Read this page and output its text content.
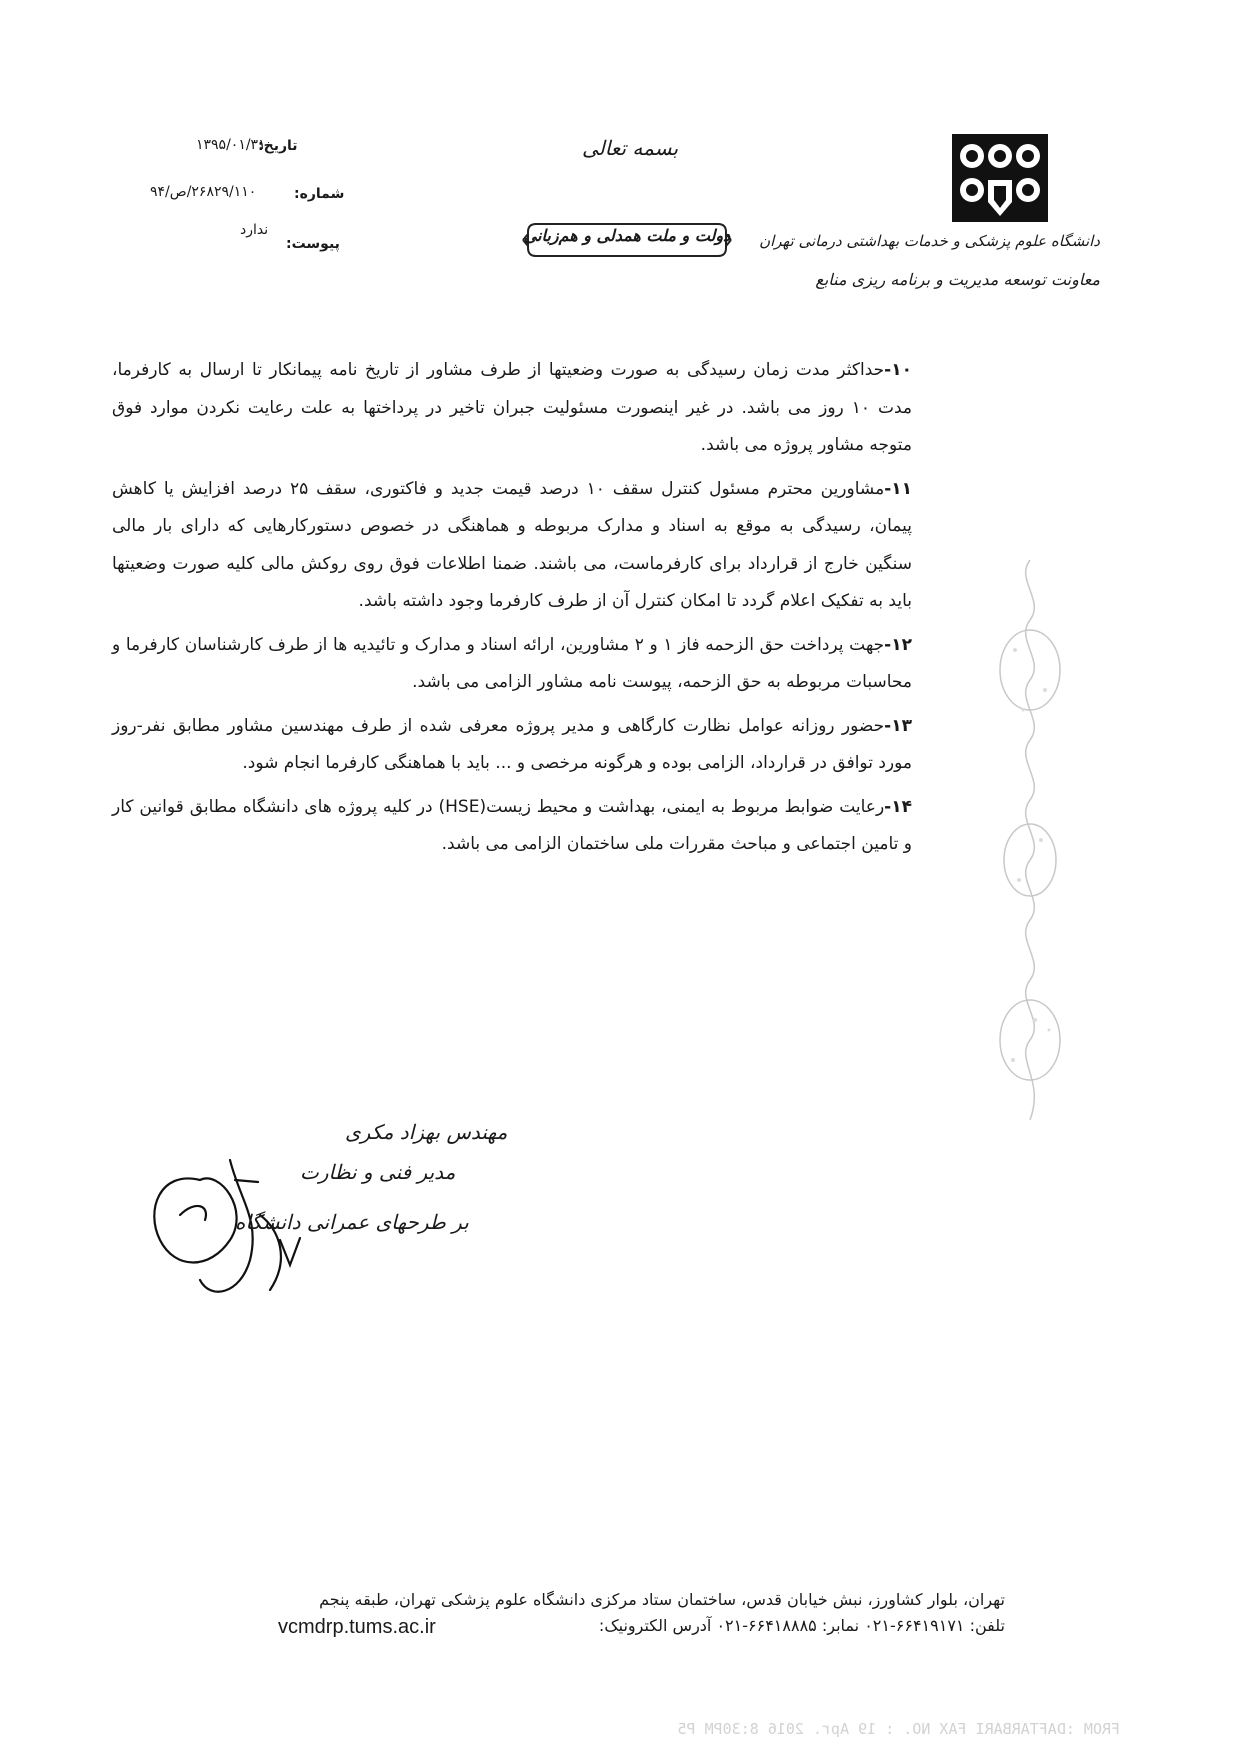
دانشگاه علوم پزشکی و خدمات بهداشتی درمانی تهران
معاونت توسعه مدیریت و برنامه ریزی منابع
بسمه تعالی
دولت و ملت همدلی و هم‌زبانی
تاریخ:
۱۳۹۵/۰۱/۳۱
شماره:
۲۶۸۲۹/۱۱۰/ص/۹۴
پیوست:
ندارد

۱۰-حداکثر مدت زمان رسیدگی به صورت وضعیتها از طرف مشاور از تاریخ نامه پیمانکار تا ارسال به کارفرما، مدت ۱۰ روز می باشد. در غیر اینصورت مسئولیت جبران تاخیر در پرداختها به علت رعایت نکردن موارد فوق متوجه مشاور پروژه می باشد.

۱۱-مشاورین محترم مسئول کنترل سقف ۱۰ درصد قیمت جدید و فاکتوری، سقف ۲۵ درصد افزایش یا کاهش پیمان، رسیدگی به موقع به اسناد و مدارک مربوطه و هماهنگی در خصوص دستورکارهایی که دارای بار مالی سنگین خارج از قرارداد برای کارفرماست، می باشند. ضمنا اطلاعات فوق روی روکش مالی کلیه صورت وضعیتها باید به تفکیک اعلام گردد تا امکان کنترل آن از طرف کارفرما وجود داشته باشد.

۱۲-جهت پرداخت حق الزحمه فاز ۱ و ۲ مشاورین، ارائه اسناد و مدارک و تائیدیه ها از طرف کارشناسان کارفرما و محاسبات مربوطه به حق الزحمه، پیوست نامه مشاور الزامی می باشد.

۱۳-حضور روزانه عوامل نظارت کارگاهی و مدیر پروژه معرفی شده از طرف مهندسین مشاور مطابق نفر-روز مورد توافق در قرارداد، الزامی بوده و هرگونه مرخصی و ... باید با هماهنگی کارفرما انجام شود.

۱۴-رعایت ضوابط مربوط به ایمنی، بهداشت و محیط زیست(HSE) در کلیه پروژه های دانشگاه مطابق قوانین کار و تامین اجتماعی و مباحث مقررات ملی ساختمان الزامی می باشد.

مهندس بهزاد مکری
مدیر فنی و نظارت
بر طرحهای عمرانی دانشگاه
تهران، بلوار کشاورز، نبش خیابان قدس، ساختمان ستاد مرکزی دانشگاه علوم پزشکی تهران، طبقه پنجم
تلفن: ۶۶۴۱۹۱۷۱-۰۲۱ نمابر: ۶۶۴۱۸۸۸۵-۰۲۱ آدرس الکترونیک:
vcmdrp.tums.ac.ir
FROM :DAFTARBARI FAX NO. : 19 Apr. 2016 8:30PM P5
